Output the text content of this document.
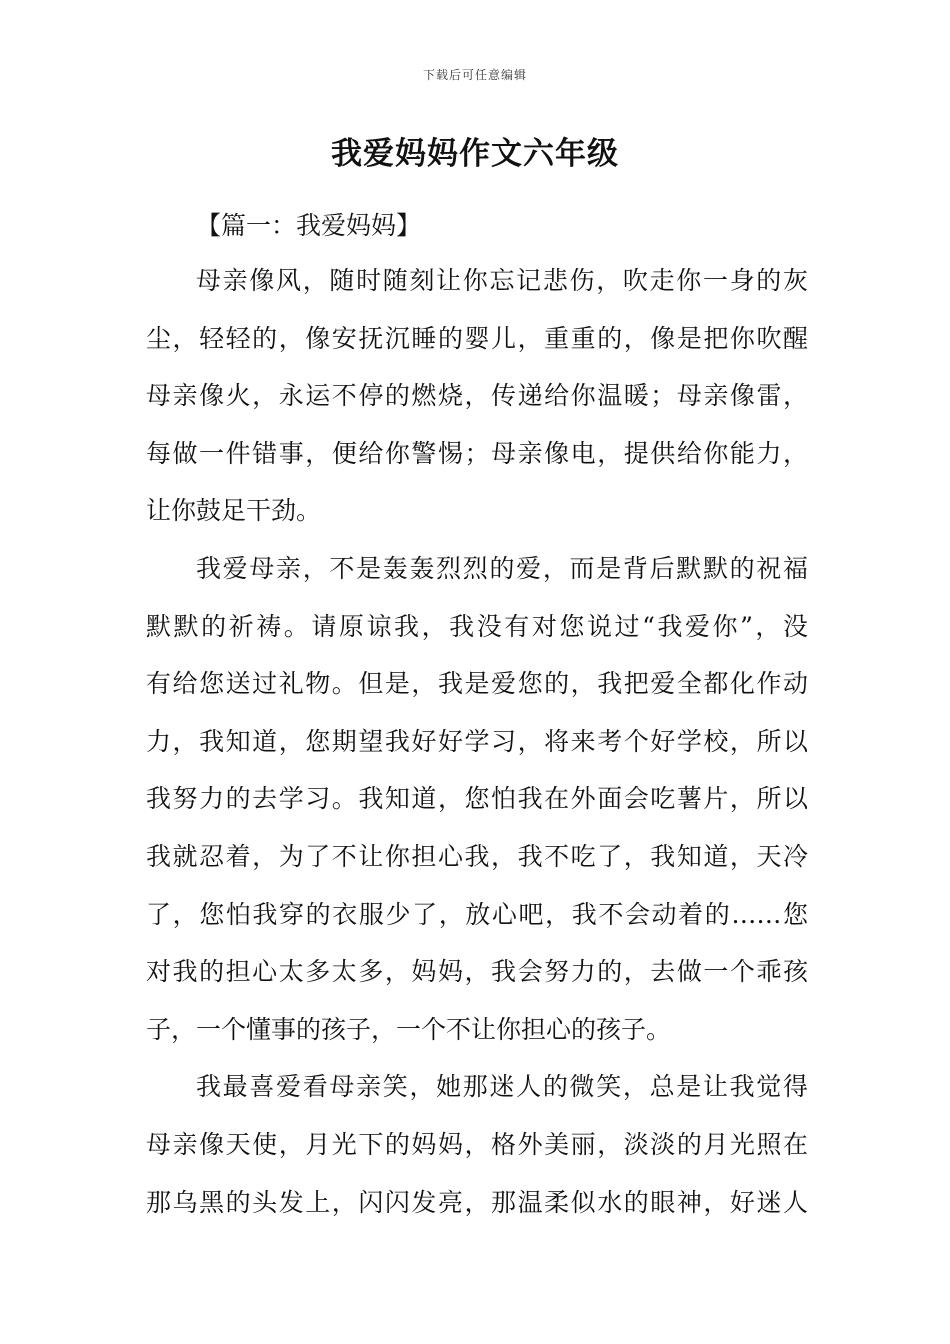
下载后可任意编辑
我爱妈妈作文六年级
【篇一：我爱妈妈】

母亲像风，随时随刻让你忘记悲伤，吹走你一身的灰
尘，轻轻的，像安抚沉睡的婴儿，重重的，像是把你吹醒
母亲像火，永运不停的燃烧，传递给你温暖；母亲像雷，
每做一件错事，便给你警惕；母亲像电，提供给你能力，
让你鼓足干劲。

我爱母亲，不是轰轰烈烈的爱，而是背后默默的祝福
默默的祈祷。请原谅我，我没有对您说过“我爱你”，没
有给您送过礼物。但是，我是爱您的，我把爱全都化作动
力，我知道，您期望我好好学习，将来考个好学校，所以
我努力的去学习。我知道，您怕我在外面会吃薯片，所以
我就忍着，为了不让你担心我，我不吃了，我知道，天冷
了，您怕我穿的衣服少了，放心吧，我不会动着的……您
对我的担心太多太多，妈妈，我会努力的，去做一个乖孩
子，一个懂事的孩子，一个不让你担心的孩子。

我最喜爱看母亲笑，她那迷人的微笑，总是让我觉得
母亲像天使，月光下的妈妈，格外美丽，淡淡的月光照在
那乌黑的头发上，闪闪发亮，那温柔似水的眼神，好迷人
